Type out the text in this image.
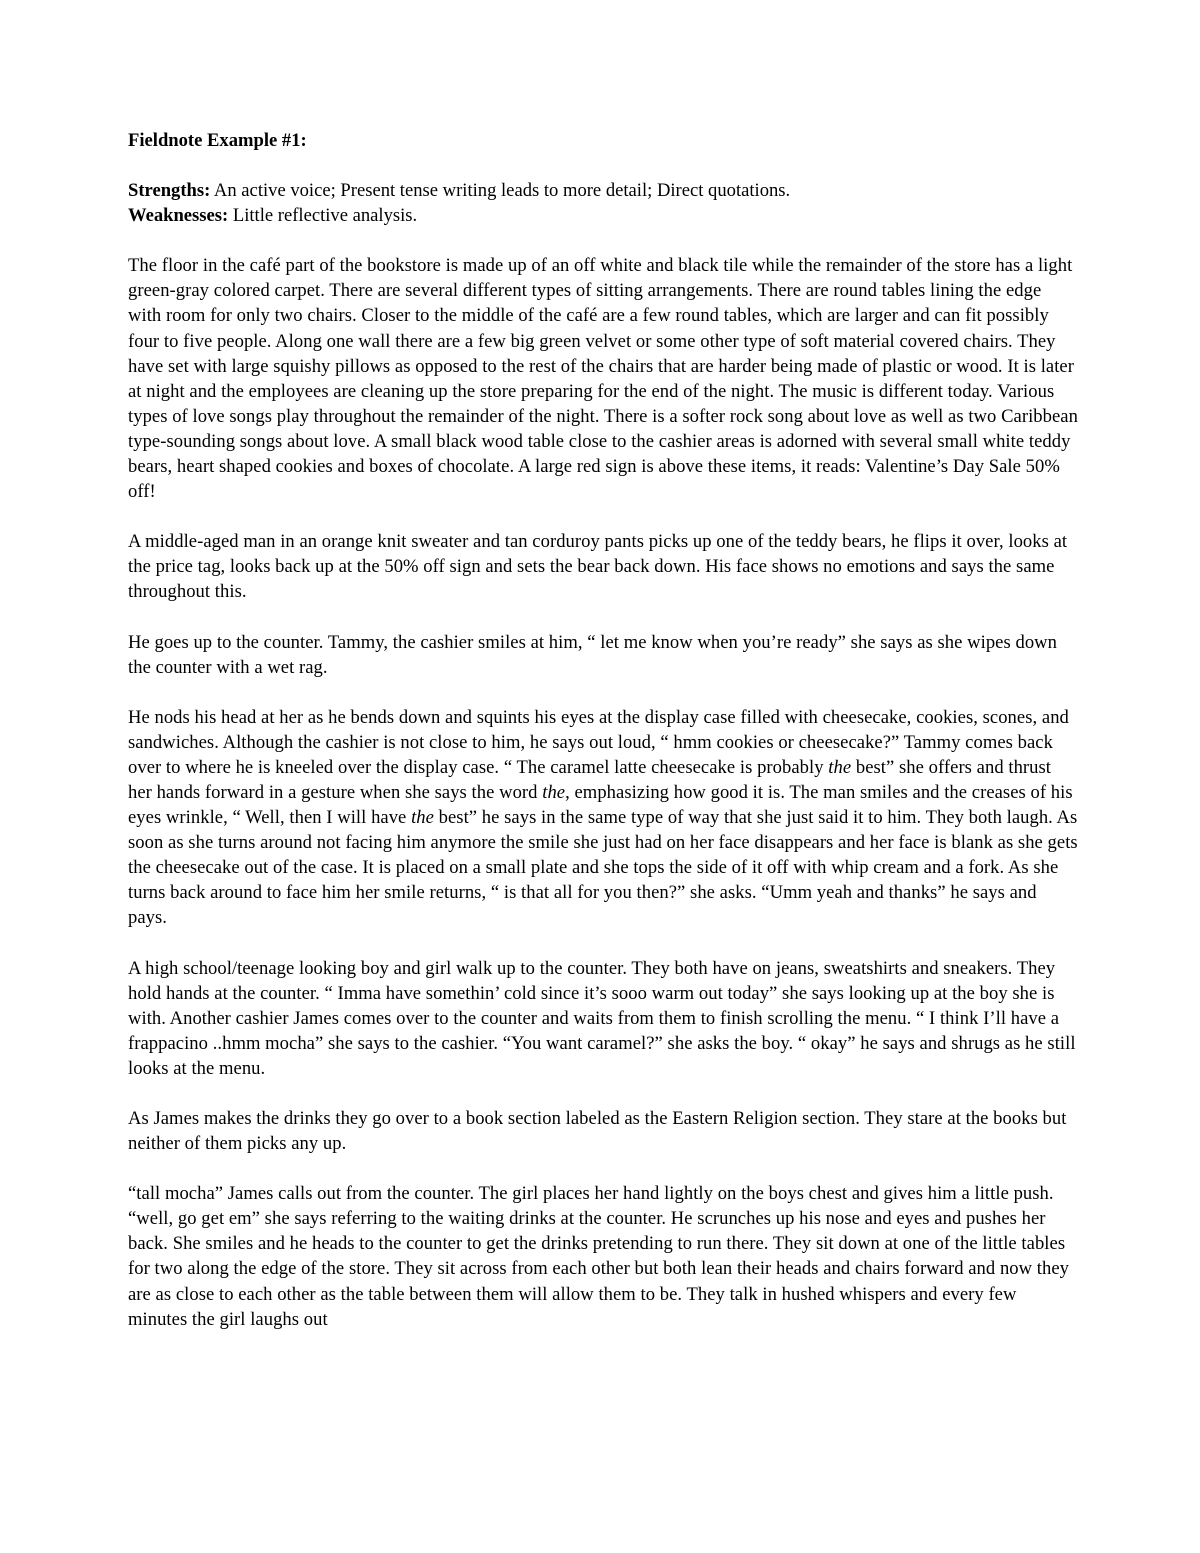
Fieldnote Example #1:
Strengths: An active voice; Present tense writing leads to more detail; Direct quotations.
Weaknesses: Little reflective analysis.

The floor in the café part of the bookstore is made up of an off white and black tile while the remainder of the store has a light green-gray colored carpet. There are several different types of sitting arrangements. There are round tables lining the edge with room for only two chairs. Closer to the middle of the café are a few round tables, which are larger and can fit possibly four to five people. Along one wall there are a few big green velvet or some other type of soft material covered chairs. They have set with large squishy pillows as opposed to the rest of the chairs that are harder being made of plastic or wood. It is later at night and the employees are cleaning up the store preparing for the end of the night. The music is different today. Various types of love songs play throughout the remainder of the night. There is a softer rock song about love as well as two Caribbean type-sounding songs about love. A small black wood table close to the cashier areas is adorned with several small white teddy bears, heart shaped cookies and boxes of chocolate. A large red sign is above these items, it reads: Valentine’s Day Sale 50% off!

A middle-aged man in an orange knit sweater and tan corduroy pants picks up one of the teddy bears, he flips it over, looks at the price tag, looks back up at the 50% off sign and sets the bear back down. His face shows no emotions and says the same throughout this.

He goes up to the counter. Tammy, the cashier smiles at him, “ let me know when you’re ready” she says as she wipes down the counter with a wet rag.

He nods his head at her as he bends down and squints his eyes at the display case filled with cheesecake, cookies, scones, and sandwiches. Although the cashier is not close to him, he says out loud, “ hmm cookies or cheesecake?” Tammy comes back over to where he is kneeled over the display case. “ The caramel latte cheesecake is probably the best” she offers and thrust her hands forward in a gesture when she says the word the, emphasizing how good it is. The man smiles and the creases of his eyes wrinkle, “ Well, then I will have the best” he says in the same type of way that she just said it to him. They both laugh. As soon as she turns around not facing him anymore the smile she just had on her face disappears and her face is blank as she gets the cheesecake out of the case. It is placed on a small plate and she tops the side of it off with whip cream and a fork. As she turns back around to face him her smile returns, “ is that all for you then?” she asks. “Umm yeah and thanks” he says and pays.

A high school/teenage looking boy and girl walk up to the counter. They both have on jeans, sweatshirts and sneakers. They hold hands at the counter. “ Imma have somethin’ cold since it’s sooo warm out today” she says looking up at the boy she is with. Another cashier James comes over to the counter and waits from them to finish scrolling the menu. “ I think I’ll have a frappacino ..hmm mocha” she says to the cashier. “You want caramel?” she asks the boy. “ okay” he says and shrugs as he still looks at the menu.

As James makes the drinks they go over to a book section labeled as the Eastern Religion section. They stare at the books but neither of them picks any up.

“tall mocha” James calls out from the counter. The girl places her hand lightly on the boys chest and gives him a little push. “well, go get em” she says referring to the waiting drinks at the counter. He scrunches up his nose and eyes and pushes her back. She smiles and he heads to the counter to get the drinks pretending to run there. They sit down at one of the little tables for two along the edge of the store. They sit across from each other but both lean their heads and chairs forward and now they are as close to each other as the table between them will allow them to be. They talk in hushed whispers and every few minutes the girl laughs out
